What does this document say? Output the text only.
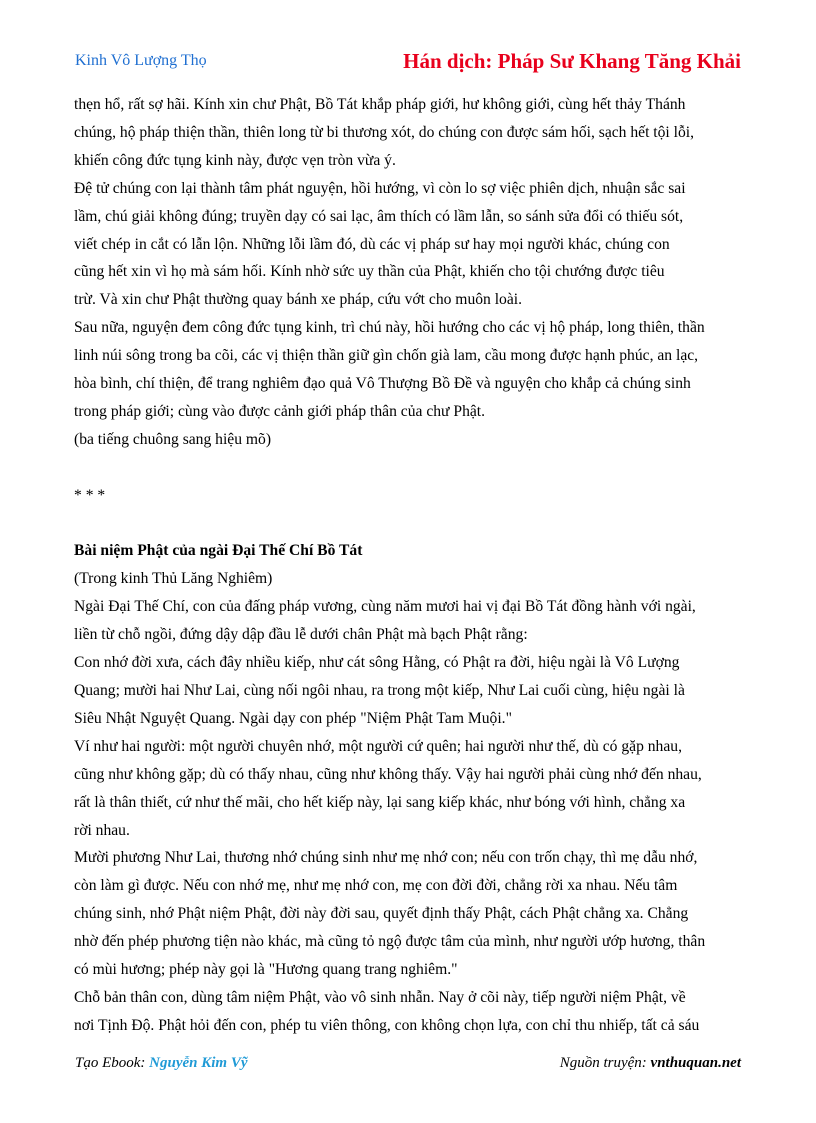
Kinh Vô Lượng Thọ	Hán dịch: Pháp Sư Khang Tăng Khải

thẹn hổ, rất sợ hãi. Kính xin chư Phật, Bồ Tát khắp pháp giới, hư không giới, cùng hết thảy Thánh
chúng, hộ pháp thiện thần, thiên long từ bi thương xót, do chúng con được sám hối, sạch hết tội lỗi,
khiến công đức tụng kinh này, được vẹn tròn vừa ý.

Đệ tử chúng con lại thành tâm phát nguyện, hồi hướng, vì còn lo sợ việc phiên dịch, nhuận sắc sai
lầm, chú giải không đúng; truyền dạy có sai lạc, âm thích có lầm lẫn, so sánh sửa đổi có thiếu sót,
viết chép in cắt có lẫn lộn. Những lỗi lầm đó, dù các vị pháp sư hay mọi người khác, chúng con
cũng hết xin vì họ mà sám hối. Kính nhờ sức uy thần của Phật, khiến cho tội chướng được tiêu
trừ. Và xin chư Phật thường quay bánh xe pháp, cứu vớt cho muôn loài.

Sau nữa, nguyện đem công đức tụng kinh, trì chú này, hồi hướng cho các vị hộ pháp, long thiên, thần
linh núi sông trong ba cõi, các vị thiện thần giữ gìn chốn già lam, cầu mong được hạnh phúc, an lạc,
hòa bình, chí thiện, để trang nghiêm đạo quả Vô Thượng Bồ Đề và nguyện cho khắp cả chúng sinh
trong pháp giới; cùng vào được cảnh giới pháp thân của chư Phật.

(ba tiếng chuông sang hiệu mõ)

* * *

Bài niệm Phật của ngài Đại Thế Chí Bồ Tát

(Trong kinh Thủ Lăng Nghiêm)

Ngài Đại Thế Chí, con của đấng pháp vương, cùng năm mươi hai vị đại Bồ Tát đồng hành với ngài,
liền từ chỗ ngồi, đứng dậy dập đầu lễ dưới chân Phật mà bạch Phật rằng:

Con nhớ đời xưa, cách đây nhiều kiếp, như cát sông Hằng, có Phật ra đời, hiệu ngài là Vô Lượng
Quang; mười hai Như Lai, cùng nối ngôi nhau, ra trong một kiếp, Như Lai cuối cùng, hiệu ngài là
Siêu Nhật Nguyệt Quang. Ngài dạy con phép "Niệm Phật Tam Muội."

Ví như hai người: một người chuyên nhớ, một người cứ quên; hai người như thế, dù có gặp nhau,
cũng như không gặp; dù có thấy nhau, cũng như không thấy. Vậy hai người phải cùng nhớ đến nhau,
rất là thân thiết, cứ như thế mãi, cho hết kiếp này, lại sang kiếp khác, như bóng với hình, chẳng xa
rời nhau.

Mười phương Như Lai, thương nhớ chúng sinh như mẹ nhớ con; nếu con trốn chạy, thì mẹ dẫu nhớ,
còn làm gì được. Nếu con nhớ mẹ, như mẹ nhớ con, mẹ con đời đời, chẳng rời xa nhau. Nếu tâm
chúng sinh, nhớ Phật niệm Phật, đời này đời sau, quyết định thấy Phật, cách Phật chẳng xa. Chẳng
nhờ đến phép phương tiện nào khác, mà cũng tỏ ngộ được tâm của mình, như người ướp hương, thân
có mùi hương; phép này gọi là "Hương quang trang nghiêm."

Chỗ bản thân con, dùng tâm niệm Phật, vào vô sinh nhẫn. Nay ở cõi này, tiếp người niệm Phật, về
nơi Tịnh Độ. Phật hỏi đến con, phép tu viên thông, con không chọn lựa, con chỉ thu nhiếp, tất cả sáu

Tạo Ebook: Nguyễn Kim Vỹ	Nguồn truyện: vnthuquan.net
